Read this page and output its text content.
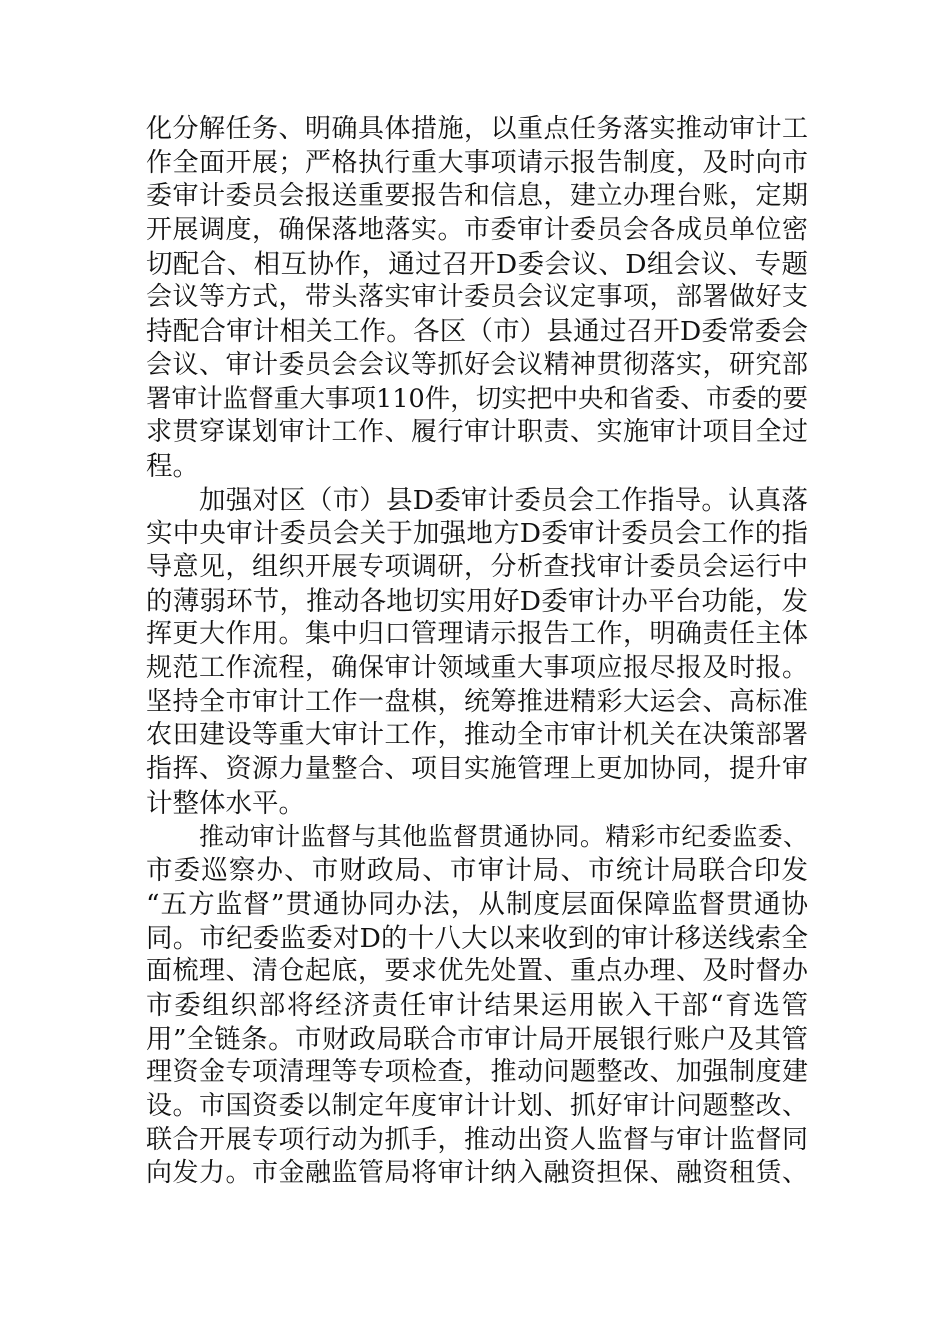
化分解任务、明确具体措施，以重点任务落实推动审计工
作全面开展；严格执行重大事项请示报告制度，及时向市
委审计委员会报送重要报告和信息，建立办理台账，定期
开展调度，确保落地落实。市委审计委员会各成员单位密
切配合、相互协作，通过召开D委会议、D组会议、专题
会议等方式，带头落实审计委员会议定事项，部署做好支
持配合审计相关工作。各区（市）县通过召开D委常委会
会议、审计委员会会议等抓好会议精神贯彻落实，研究部
署审计监督重大事项110件，切实把中央和省委、市委的要
求贯穿谋划审计工作、履行审计职责、实施审计项目全过
程。
加强对区（市）县D委审计委员会工作指导。认真落
实中央审计委员会关于加强地方D委审计委员会工作的指
导意见，组织开展专项调研，分析查找审计委员会运行中
的薄弱环节，推动各地切实用好D委审计办平台功能，发
挥更大作用。集中归口管理请示报告工作，明确责任主体
规范工作流程，确保审计领域重大事项应报尽报及时报。
坚持全市审计工作一盘棋，统筹推进精彩大运会、高标准
农田建设等重大审计工作，推动全市审计机关在决策部署
指挥、资源力量整合、项目实施管理上更加协同，提升审
计整体水平。
推动审计监督与其他监督贯通协同。精彩市纪委监委、
市委巡察办、市财政局、市审计局、市统计局联合印发
“五方监督”贯通协同办法，从制度层面保障监督贯通协
同。市纪委监委对D的十八大以来收到的审计移送线索全
面梳理、清仓起底，要求优先处置、重点办理、及时督办
市委组织部将经济责任审计结果运用嵌入干部“育选管
用”全链条。市财政局联合市审计局开展银行账户及其管
理资金专项清理等专项检查，推动问题整改、加强制度建
设。市国资委以制定年度审计计划、抓好审计问题整改、
联合开展专项行动为抓手，推动出资人监督与审计监督同
向发力。市金融监管局将审计纳入融资担保、融资租赁、
